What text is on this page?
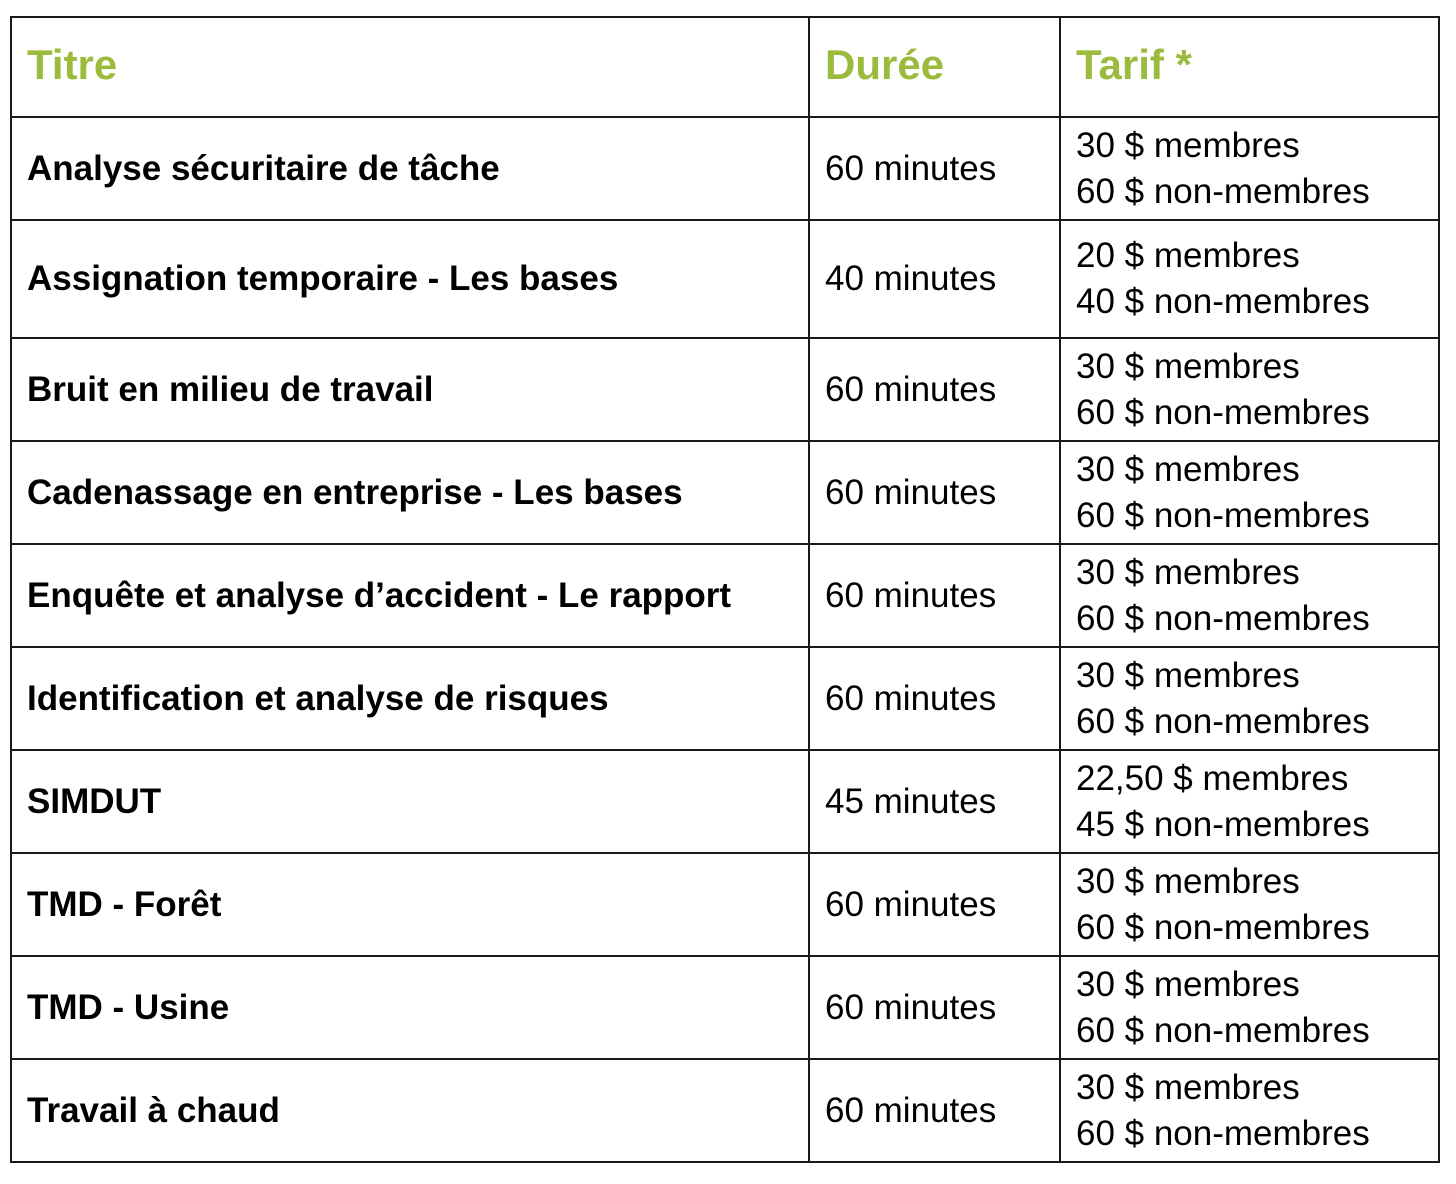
Titre	Durée	Tarif *
Analyse sécuritaire de tâche	60 minutes	30 $ membres
60 $ non-membres

Assignation temporaire - Les bases	40 minutes	20 $ membres
40 $ non-membres

Bruit en milieu de travail	60 minutes	30 $ membres
60 $ non-membres

Cadenassage en entreprise - Les bases	60 minutes	30 $ membres
60 $ non-membres

Enquête et analyse d’accident - Le rapport	60 minutes	30 $ membres
60 $ non-membres

Identification et analyse de risques	60 minutes	30 $ membres
60 $ non-membres

SIMDUT	45 minutes	22,50 $ membres
45 $ non-membres

TMD - Forêt	60 minutes	30 $ membres
60 $ non-membres

TMD - Usine	60 minutes	30 $ membres
60 $ non-membres

Travail à chaud	60 minutes	30 $ membres
60 $ non-membres
